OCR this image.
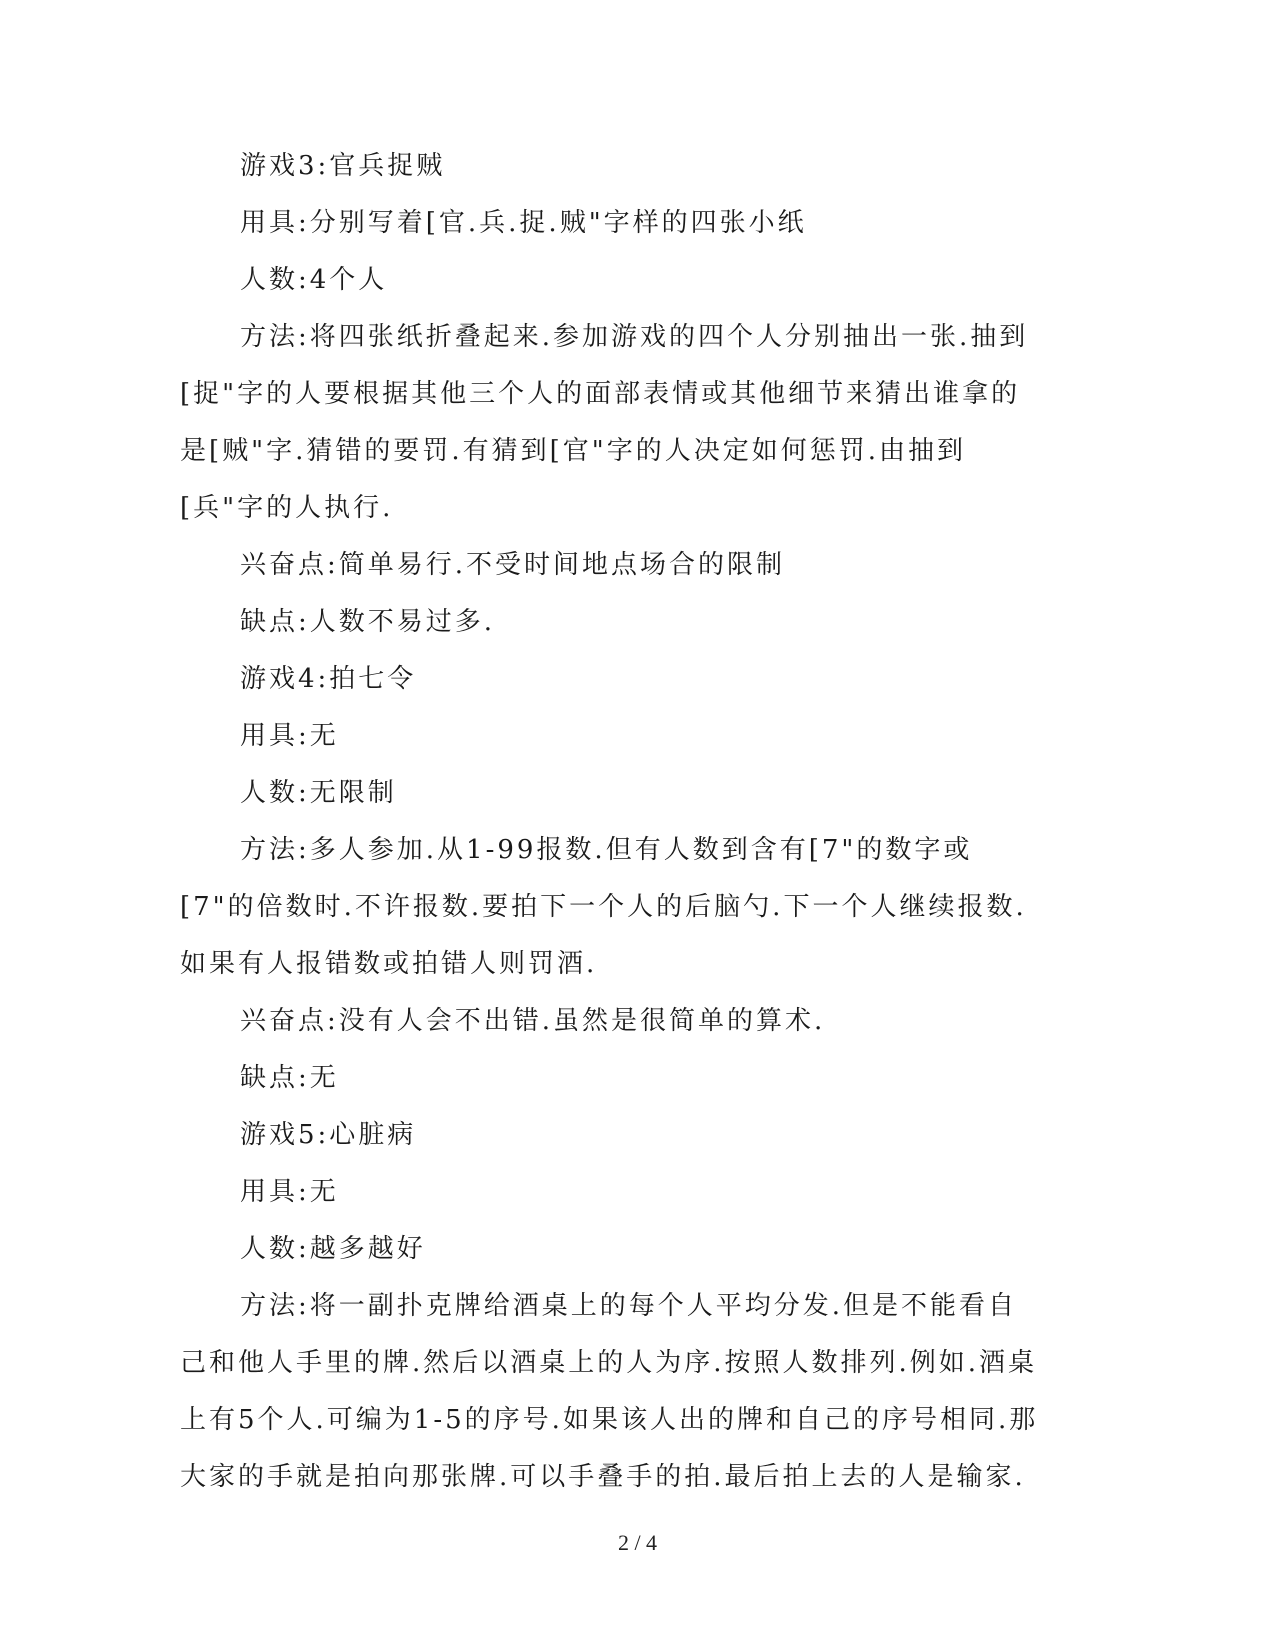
游戏3:官兵捉贼

用具:分别写着[官.兵.捉.贼"字样的四张小纸

人数:4个人

方法:将四张纸折叠起来.参加游戏的四个人分别抽出一张.抽到[捉"字的人要根据其他三个人的面部表情或其他细节来猜出谁拿的是[贼"字.猜错的要罚.有猜到[官"字的人决定如何惩罚.由抽到[兵"字的人执行.

兴奋点:简单易行.不受时间地点场合的限制

缺点:人数不易过多.

游戏4:拍七令

用具:无

人数:无限制

方法:多人参加.从1-99报数.但有人数到含有[7"的数字或[7"的倍数时.不许报数.要拍下一个人的后脑勺.下一个人继续报数.如果有人报错数或拍错人则罚酒.

兴奋点:没有人会不出错.虽然是很简单的算术.

缺点:无

游戏5:心脏病

用具:无

人数:越多越好

方法:将一副扑克牌给酒桌上的每个人平均分发.但是不能看自己和他人手里的牌.然后以酒桌上的人为序.按照人数排列.例如.酒桌上有5个人.可编为1-5的序号.如果该人出的牌和自己的序号相同.那大家的手就是拍向那张牌.可以手叠手的拍.最后拍上去的人是输家.

2 / 4
